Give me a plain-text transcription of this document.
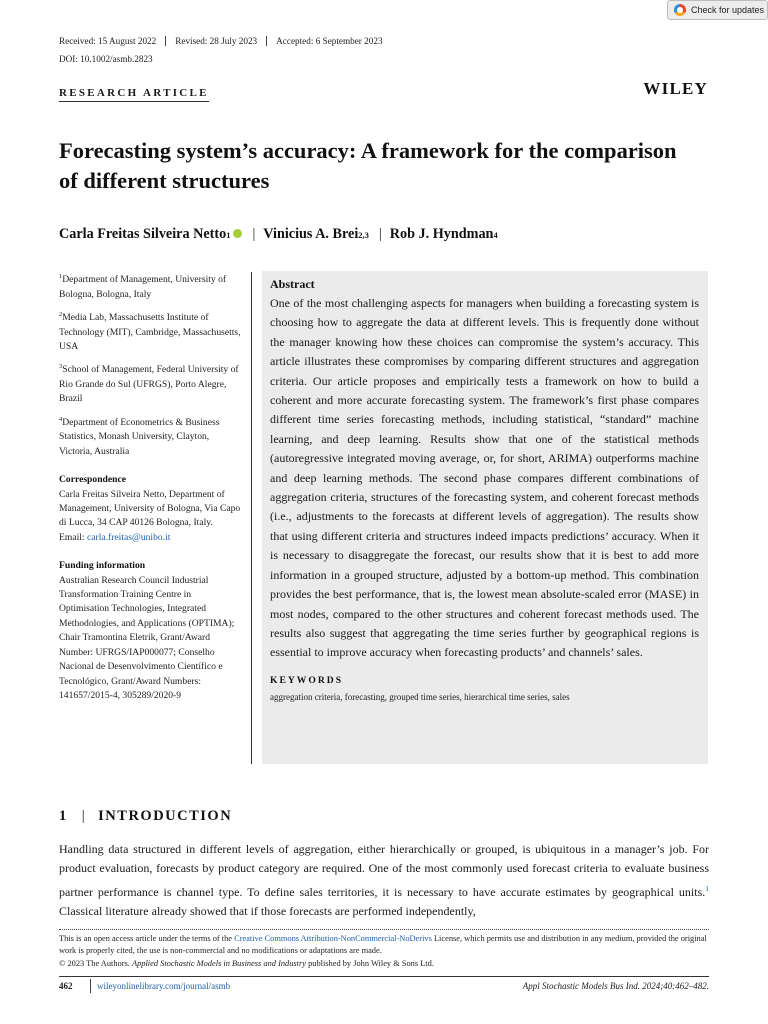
Check for updates
Received: 15 August 2022	Revised: 28 July 2023	Accepted: 6 September 2023
DOI: 10.1002/asmb.2823
RESEARCH ARTICLE	WILEY
Forecasting system’s accuracy: A framework for the comparison of different structures
Carla Freitas Silveira Netto 1 | Vinicius A. Brei 2,3 | Rob J. Hyndman 4

$^1$Department of Management, University of Bologna, Bologna, Italy

$^2$Media Lab, Massachusetts Institute of Technology (MIT), Cambridge, Massachusetts, USA

$^3$School of Management, Federal University of Rio Grande do Sul (UFRGS), Porto Alegre, Brazil

$^4$Department of Econometrics & Business Statistics, Monash University, Clayton, Victoria, Australia

Correspondence

Carla Freitas Silveira Netto, Department of Management, University of Bologna, Via Capo di Lucca, 34 CAP 40126 Bologna, Italy.
Email: carla.freitas@unibo.it

Funding information

Australian Research Council Industrial Transformation Training Centre in Optimisation Technologies, Integrated Methodologies, and Applications (OPTIMA); Chair Tramontina Eletrik, Grant/Award Number: UFRGS/IAP000077; Conselho Nacional de Desenvolvimento Científico e Tecnológico, Grant/Award Numbers: 141657/2015-4, 305289/2020-9

Abstract

One of the most challenging aspects for managers when building a forecasting system is choosing how to aggregate the data at different levels. This is frequently done without the manager knowing how these choices can compromise the system’s accuracy. This article illustrates these compromises by comparing different structures and aggregation criteria. Our article proposes and empirically tests a framework on how to build a coherent and more accurate forecasting system. The framework’s first phase compares different time series forecasting methods, including statistical, “standard” machine learning, and deep learning. Results show that one of the statistical methods (autoregressive integrated moving average, or, for short, ARIMA) outperforms machine and deep learning methods. The second phase compares different combinations of aggregation criteria, structures of the forecasting system, and coherent forecast methods (i.e., adjustments to the forecasts at different levels of aggregation). The results show that using different criteria and structures indeed impacts predictions’ accuracy. When it is necessary to disaggregate the forecast, our results show that it is best to add more information in a grouped structure, adjusted by a bottom-up method. This combination provides the best performance, that is, the lowest mean absolute-scaled error (MASE) in most nodes, compared to the other structures and coherent forecast methods used. The results also suggest that aggregating the time series further by geographical regions is essential to improve accuracy when forecasting products’ and channels’ sales.

KEYWORDS
aggregation criteria, forecasting, grouped time series, hierarchical time series, sales
1 | INTRODUCTION

Handling data structured in different levels of aggregation, either hierarchically or grouped, is ubiquitous in a manager’s job. For product evaluation, forecasts by product category are required. One of the most commonly used forecast criteria to evaluate business partner performance is channel type. To define sales territories, it is necessary to have accurate estimates by geographical units.$^1$ Classical literature already showed that if those forecasts are performed independently,

This is an open access article under the terms of the Creative Commons Attribution-NonCommercial-NoDerivs License, which permits use and distribution in any medium, provided the original work is properly cited, the use is non-commercial and no modifications or adaptations are made.

© 2023 The Authors. Applied Stochastic Models in Business and Industry published by John Wiley & Sons Ltd.

462	wileyonlinelibrary.com/journal/asmb	Appl Stochastic Models Bus Ind. 2024;40:462–482.
